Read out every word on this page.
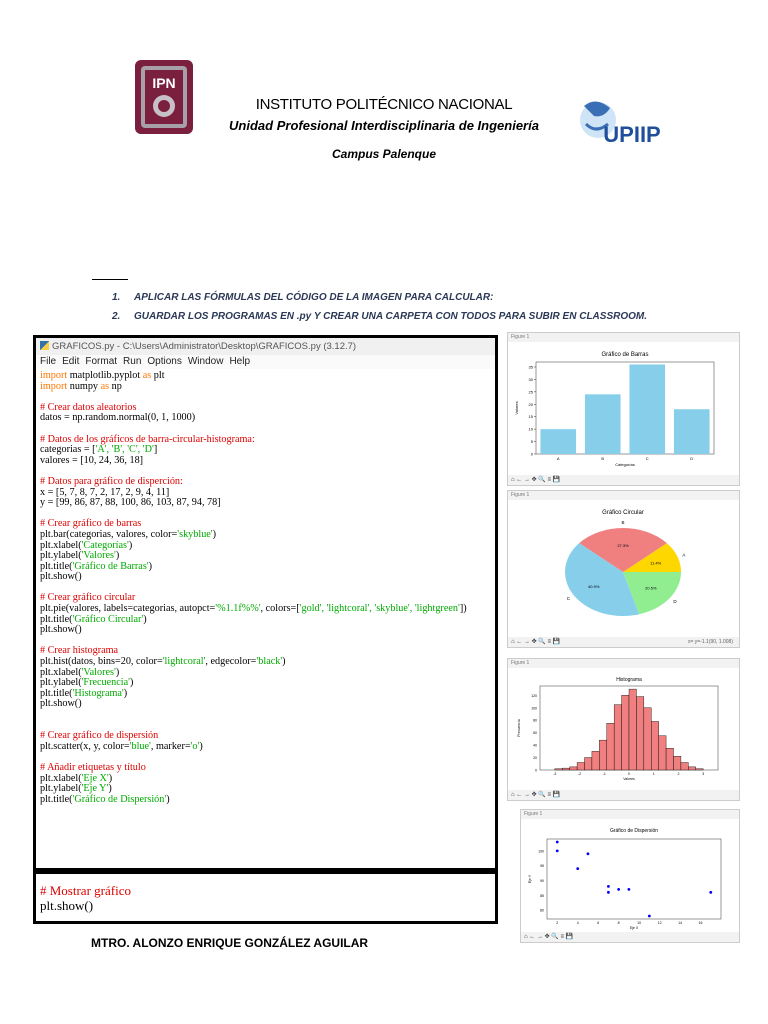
IPN
UPIIP
INSTITUTO POLITÉCNICO NACIONAL
Unidad Profesional Interdisciplinaria de Ingeniería
Campus Palenque
1. APLICAR LAS FÓRMULAS DEL CÓDIGO DE LA IMAGEN PARA CALCULAR:
2. GUARDAR LOS PROGRAMAS EN .py Y CREAR UNA CARPETA CON TODOS PARA SUBIR EN CLASSROOM.
GRAFICOS.py - C:\Users\Administrator\Desktop\GRAFICOS.py (3.12.7)
File Edit Format Run Options Window Help
import matplotlib.pyplot as plt
import numpy as np
# Crear datos aleatorios
datos = np.random.normal(0, 1, 1000)
# Datos de los gráficos de barra-circular-histograma:
categorias = ['A', 'B', 'C', 'D']
valores = [10, 24, 36, 18]
# Datos para gráfico de disperción:
x = [5, 7, 8, 7, 2, 17, 2, 9, 4, 11]
y = [99, 86, 87, 88, 100, 86, 103, 87, 94, 78]
# Crear gráfico de barras
plt.bar(categorias, valores, color='skyblue')
plt.xlabel('Categorías')
plt.ylabel('Valores')
plt.title('Gráfico de Barras')
plt.show()
# Crear gráfico circular
plt.pie(valores, labels=categorias, autopct='%1.1f%%', colors=['gold', 'lightcoral', 'skyblue', 'lightgreen'])
plt.title('Gráfico Circular')
plt.show()
# Crear histograma
plt.hist(datos, bins=20, color='lightcoral', edgecolor='black')
plt.xlabel('Valores')
plt.ylabel('Frecuencia')
plt.title('Histograma')
plt.show()
# Crear gráfico de dispersión
plt.scatter(x, y, color='blue', marker='o')
# Añadir etiquetas y título
plt.xlabel('Eje X')
plt.ylabel('Eje Y')
plt.title('Gráfico de Dispersión')
# Mostrar gráfico
plt.show()
MTRO. ALONZO ENRIQUE GONZÁLEZ AGUILAR
Figure 1
Gráfico de Barras
0
5
10
15
20
25
30
35
A	B	C	D
Categorías
Valores
⌂ ← → ✥ 🔍 ≡ 💾
Figure 1
Gráfico Circular
11.4%
A
27.3%
B
40.9%
C
20.5%
D
⌂ ← → ✥ 🔍 ≡ 💾	x= y=-1.1(90, 1.008)
Figure 1
Histograma
0
20
40
60
80
100
120
-3	-2	-1	0	1	2	3
Valores
Frecuencia
⌂ ← → ✥ 🔍 ≡ 💾
Figure 1
Gráfico de Dispersión
80
85
90
95
100
2	4	6	8	10	12	14	16
Eje X
Eje Y
⌂ ← → ✥ 🔍 ≡ 💾
